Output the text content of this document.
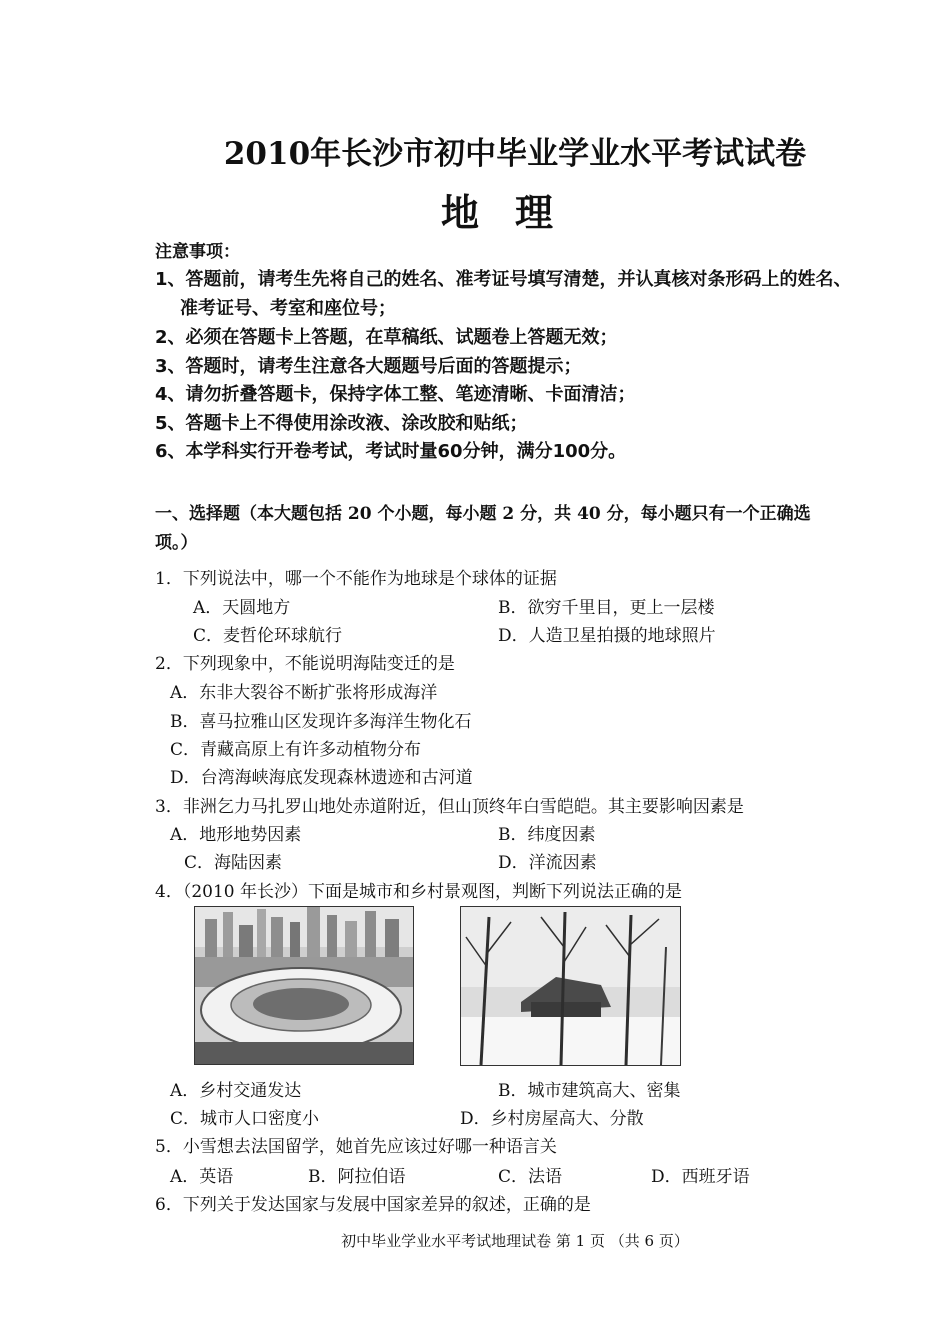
2010年长沙市初中毕业学业水平考试试卷
地理
注意事项：
1、答题前，请考生先将自己的姓名、准考证号填写清楚，并认真核对条形码上的姓名、
准考证号、考室和座位号；
2、必须在答题卡上答题，在草稿纸、试题卷上答题无效；
3、答题时，请考生注意各大题题号后面的答题提示；
4、请勿折叠答题卡，保持字体工整、笔迹清晰、卡面清洁；
5、答题卡上不得使用涂改液、涂改胶和贴纸；
6、本学科实行开卷考试，考试时量60分钟，满分100分。
一、选择题（本大题包括 20 个小题，每小题 2 分，共 40 分，每小题只有一个正确选
项。）
1．下列说法中，哪一个不能作为地球是个球体的证据
A．天圆地方	B．欲穷千里目，更上一层楼
C．麦哲伦环球航行	D．人造卫星拍摄的地球照片
2．下列现象中，不能说明海陆变迁的是
A．东非大裂谷不断扩张将形成海洋
B．喜马拉雅山区发现许多海洋生物化石
C．青藏高原上有许多动植物分布
D．台湾海峡海底发现森林遗迹和古河道
3．非洲乞力马扎罗山地处赤道附近，但山顶终年白雪皑皑。其主要影响因素是
A．地形地势因素	B．纬度因素
C．海陆因素	D．洋流因素
4．（2010 年长沙）下面是城市和乡村景观图，判断下列说法正确的是
A．乡村交通发达	B．城市建筑高大、密集
C．城市人口密度小	D．乡村房屋高大、分散
5．小雪想去法国留学，她首先应该过好哪一种语言关
A．英语	B．阿拉伯语	C．法语	D．西班牙语
6．下列关于发达国家与发展中国家差异的叙述，正确的是
初中毕业学业水平考试地理试卷 第 1 页 （共 6 页）
